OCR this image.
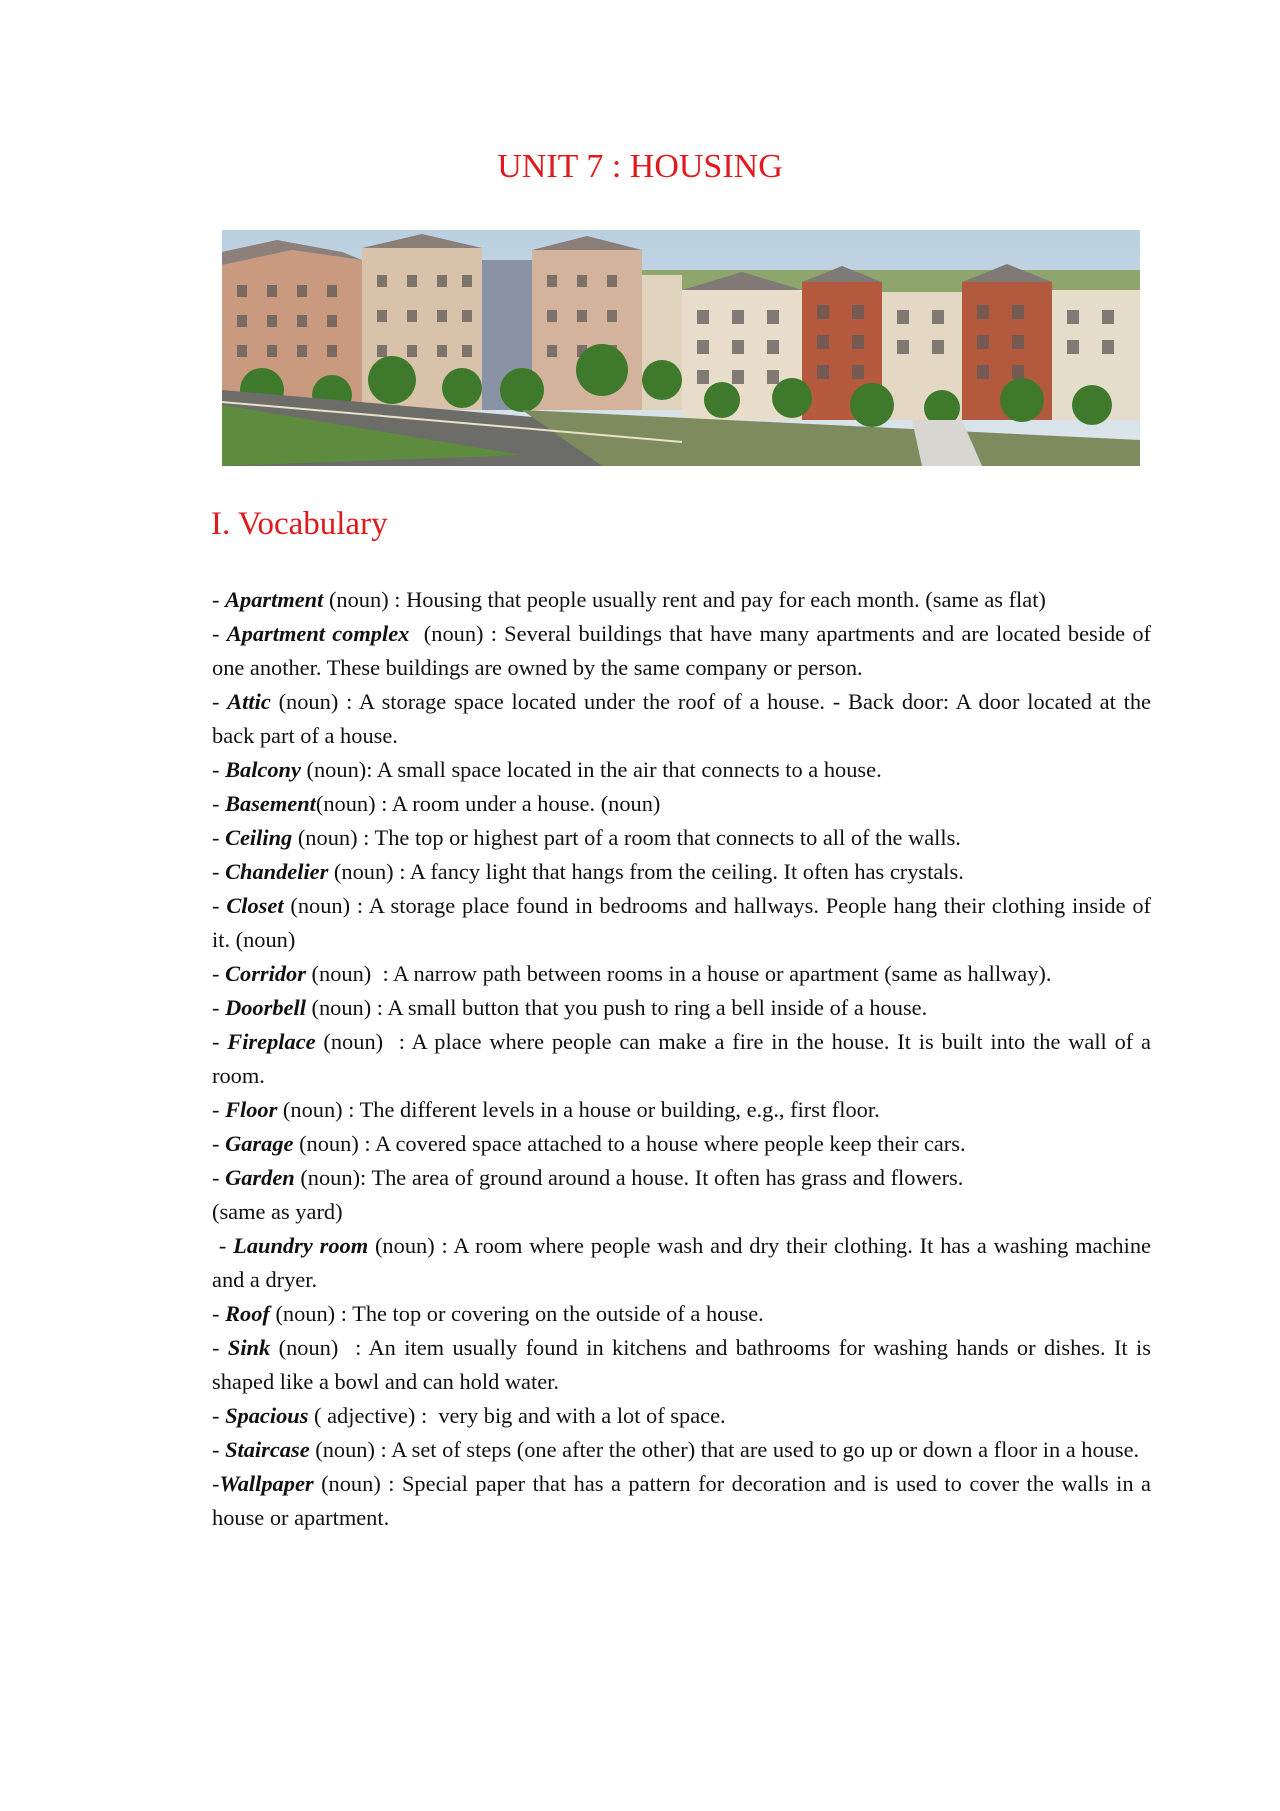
UNIT 7 : HOUSING
I. Vocabulary

- Apartment (noun) : Housing that people usually rent and pay for each month. (same as flat)

- Apartment complex  (noun) : Several buildings that have many apartments and are located beside of one another. These buildings are owned by the same company or person.

- Attic (noun) : A storage space located under the roof of a house. - Back door: A door located at the back part of a house.

- Balcony (noun): A small space located in the air that connects to a house.

- Basement(noun) : A room under a house. (noun)

- Ceiling (noun) : The top or highest part of a room that connects to all of the walls.

- Chandelier (noun) : A fancy light that hangs from the ceiling. It often has crystals.

- Closet (noun) : A storage place found in bedrooms and hallways. People hang their clothing inside of it. (noun)

- Corridor (noun)  : A narrow path between rooms in a house or apartment (same as hallway).

- Doorbell (noun) : A small button that you push to ring a bell inside of a house.

- Fireplace (noun)  : A place where people can make a fire in the house. It is built into the wall of a room.

- Floor (noun) : The different levels in a house or building, e.g., first floor.

- Garage (noun) : A covered space attached to a house where people keep their cars.

- Garden (noun): The area of ground around a house. It often has grass and flowers.

(same as yard)

- Laundry room (noun) : A room where people wash and dry their clothing. It has a washing machine and a dryer.

- Roof (noun) : The top or covering on the outside of a house.

- Sink (noun)  : An item usually found in kitchens and bathrooms for washing hands or dishes. It is shaped like a bowl and can hold water.

- Spacious ( adjective) :  very big and with a lot of space.

- Staircase (noun) : A set of steps (one after the other) that are used to go up or down a floor in a house.

-Wallpaper (noun) : Special paper that has a pattern for decoration and is used to cover the walls in a house or apartment.
